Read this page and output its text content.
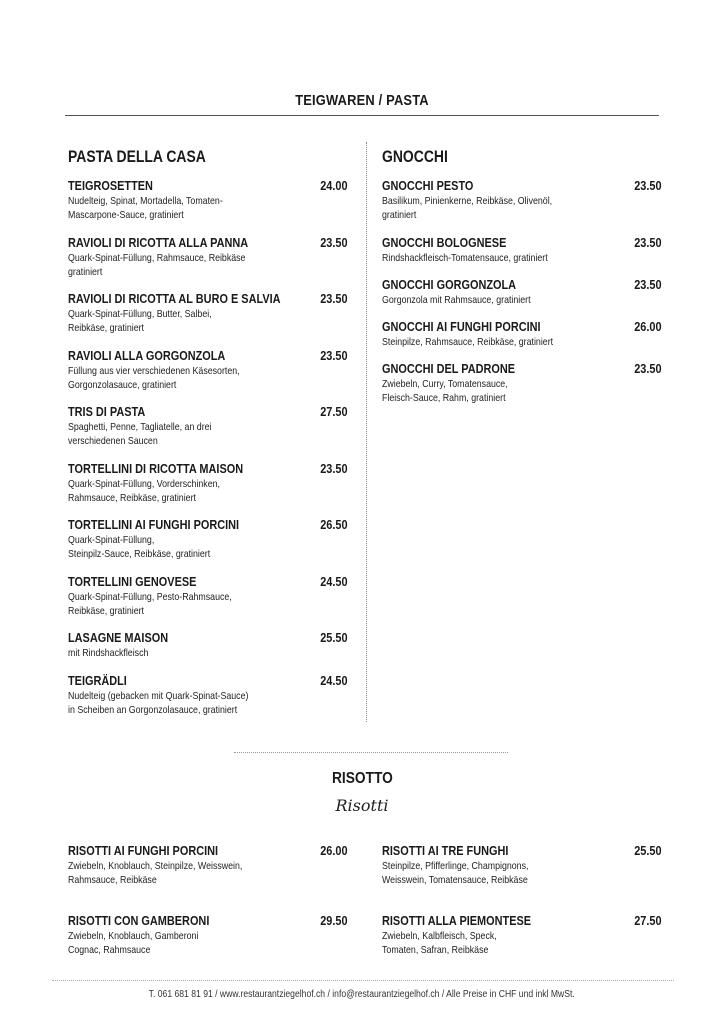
TEIGWAREN / PASTA
PASTA DELLA CASA	GNOCCHI
TEIGROSETTEN	24.00
Nudelteig, Spinat, Mortadella, Tomaten-
Mascarpone-Sauce, gratiniert
RAVIOLI DI RICOTTA ALLA PANNA	23.50
Quark-Spinat-Füllung, Rahmsauce, Reibkäse
gratiniert
RAVIOLI DI RICOTTA AL BURO E SALVIA	23.50
Quark-Spinat-Füllung, Butter, Salbei,
Reibkäse, gratiniert
RAVIOLI ALLA GORGONZOLA	23.50
Füllung aus vier verschiedenen Käsesorten,
Gorgonzolasauce, gratiniert
TRIS DI PASTA	27.50
Spaghetti, Penne, Tagliatelle, an drei
verschiedenen Saucen
TORTELLINI DI RICOTTA MAISON	23.50
Quark-Spinat-Füllung, Vorderschinken,
Rahmsauce, Reibkäse, gratiniert
TORTELLINI AI FUNGHI PORCINI	26.50
Quark-Spinat-Füllung,
Steinpilz-Sauce, Reibkäse, gratiniert
TORTELLINI GENOVESE	24.50
Quark-Spinat-Füllung, Pesto-Rahmsauce,
Reibkäse, gratiniert
LASAGNE MAISON	25.50
mit Rindshackfleisch
TEIGRÄDLI	24.50
Nudelteig (gebacken mit Quark-Spinat-Sauce)
in Scheiben an Gorgonzolasauce, gratiniert
GNOCCHI PESTO	23.50
Basilikum, Pinienkerne, Reibkäse, Olivenöl,
gratiniert
GNOCCHI BOLOGNESE	23.50
Rindshackfleisch-Tomatensauce, gratiniert
GNOCCHI GORGONZOLA	23.50
Gorgonzola mit Rahmsauce, gratiniert
GNOCCHI AI FUNGHI PORCINI	26.00
Steinpilze, Rahmsauce, Reibkäse, gratiniert
GNOCCHI DEL PADRONE	23.50
Zwiebeln, Curry, Tomatensauce,
Fleisch-Sauce, Rahm, gratiniert
RISOTTO
Risotti
RISOTTI AI FUNGHI PORCINI	26.00
Zwiebeln, Knoblauch, Steinpilze, Weisswein,
Rahmsauce, Reibkäse
RISOTTI AI TRE FUNGHI	25.50
Steinpilze, Pfifferlinge, Champignons,
Weisswein, Tomatensauce, Reibkäse
RISOTTI CON GAMBERONI	29.50
Zwiebeln, Knoblauch, Gamberoni
Cognac, Rahmsauce
RISOTTI ALLA PIEMONTESE	27.50
Zwiebeln, Kalbfleisch, Speck,
Tomaten, Safran, Reibkäse
T. 061 681 81 91 / www.restaurantziegelhof.ch / info@restaurantziegelhof.ch / Alle Preise in CHF und inkl MwSt.
